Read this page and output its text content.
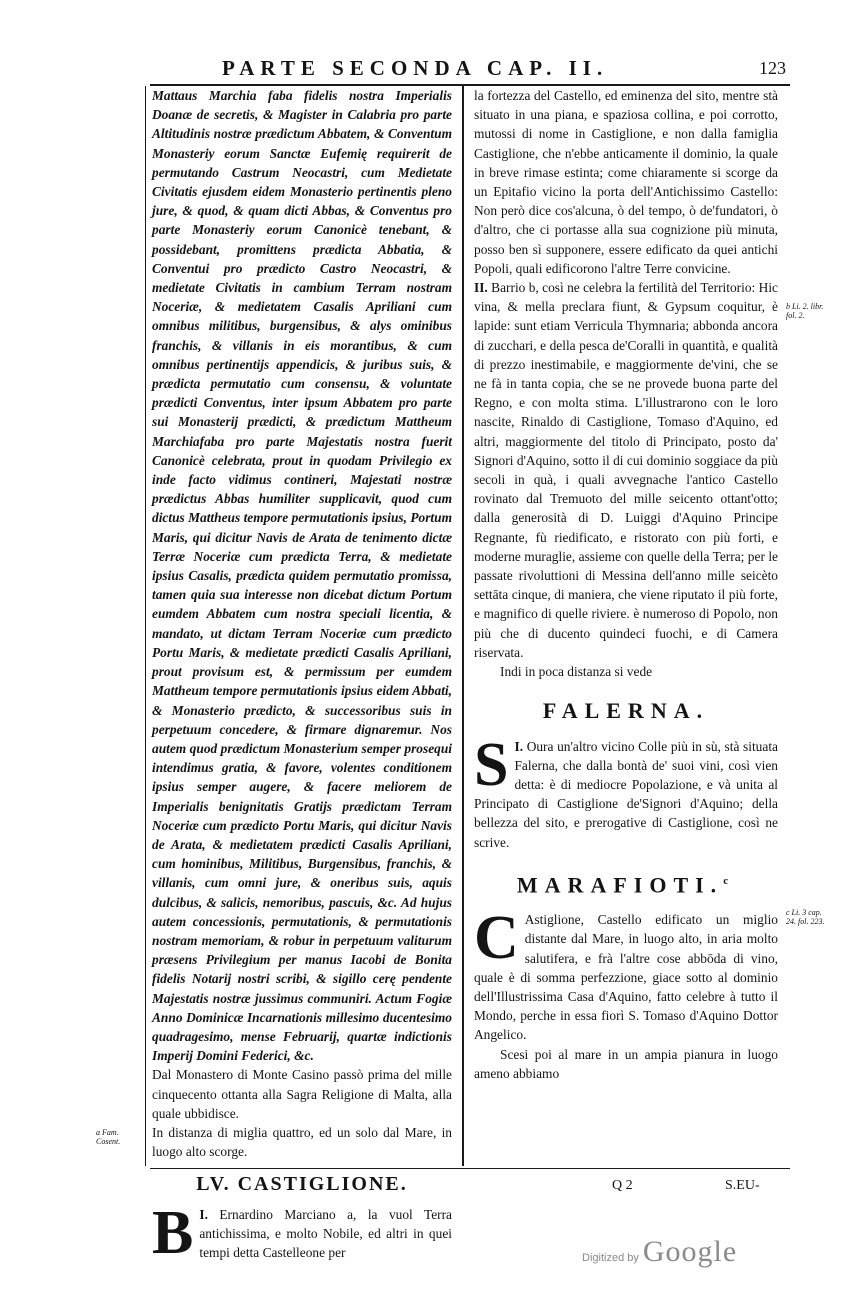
PARTE SECONDA CAP. II.	123

Mattaus Marchia faba fidelis nostra Imperialis Doanæ de secretis, & Magister in Calabria pro parte Altitudinis nostræ prædictum Abbatem, & Conventum Monasteriy eorum Sanctæ Eufemię requirerit de permutando Castrum Neocastri, cum Medietate Civitatis ejusdem eidem Monasterio pertinentis pleno jure, & quod, & quam dicti Abbas, & Conventus pro parte Monasteriy eorum Canonicè tenebant, & possidebant, promittens prædicta Abbatia, & Conventui pro prædicto Castro Neocastri, & medietate Civitatis in cambium Terram nostram Noceriæ, & medietatem Casalis Apriliani cum omnibus militibus, burgensibus, & alys ominibus franchis, & villanis in eis morantibus, & cum omnibus pertinentijs appendicis, & juribus suis, & prædicta permutatio cum consensu, & voluntate prædicti Conventus, inter ipsum Abbatem pro parte sui Monasterij prædicti, & prædictum Mattheum Marchiafaba pro parte Majestatis nostra fuerit Canonicè celebrata, prout in quodam Privilegio ex inde facto vidimus contineri, Majestati nostræ prædictus Abbas humiliter supplicavit, quod cum dictus Mattheus tempore permutationis ipsius, Portum Maris, qui dicitur Navis de Arata de tenimento dictæ Terræ Noceriæ cum prædicta Terra, & medietate ipsius Casalis, prædicta quidem permutatio promissa, tamen quia sua interesse non dicebat dictum Portum eumdem Abbatem cum nostra speciali licentia, & mandato, ut dictam Terram Noceriæ cum prædicto Portu Maris, & medietate prædicti Casalis Apriliani, prout provisum est, & permissum per eumdem Mattheum tempore permutationis ipsius eidem Abbati, & Monasterio prædicto, & successoribus suis in perpetuum concedere, & firmare dignaremur. Nos autem quod prædictum Monasterium semper prosequi intendimus gratia, & favore, volentes conditionem ipsius semper augere, & facere meliorem de Imperialis benignitatis Gratijs prædictam Terram Noceriæ cum prædicto Portu Maris, qui dicitur Navis de Arata, & medietatem prædicti Casalis Apriliani, cum hominibus, Militibus, Burgensibus, franchis, & villanis, cum omni jure, & oneribus suis, aquis dulcibus, & salicis, nemoribus, pascuis, &c. Ad hujus autem concessionis, permutationis, & permutationis nostram memoriam, & robur in perpetuum valiturum præsens Privilegium per manus Iacobi de Bonita fidelis Notarij nostri scribi, & sigillo cerę pendente Majestatis nostræ jussimus communiri. Actum Fogiæ Anno Dominicæ Incarnationis millesimo ducentesimo quadragesimo, mense Februarij, quartæ indictionis Imperij Domini Federici, &c.

Dal Monastero di Monte Casino passò prima del mille cinquecento ottanta alla Sagra Religione di Malta, alla quale ubbidisce.

In distanza di miglia quattro, ed un solo dal Mare, in luogo alto scorge.

LV. CASTIGLIONE.

I.
B Ernardino Marciano a, la vuol Terra antichissima, e molto Nobile, ed altri in quei tempi detta Castelleone per

la fortezza del Castello, ed eminenza del sito, mentre stà situato in una piana, e spaziosa collina, e poi corrotto, mutossi di nome in Castiglione, e non dalla famiglia Castiglione, che n'ebbe anticamente il dominio, la quale in breve rimase estinta; come chiaramente si scorge da un Epitafio vicino la porta dell'Antichissimo Castello: Non però dice cos'alcuna, ò del tempo, ò de'fundatori, ò d'altro, che ci portasse alla sua cognizione più minuta, posso ben sì supponere, essere edificato da quei antichi Popoli, quali edificorono l'altre Terre convicine.

II. Barrio b, così ne celebra la fertilità del Territorio: Hic vina, & mella preclara fiunt, & Gypsum coquitur, è lapide: sunt etiam Verricula Thymnaria; abbonda ancora di zucchari, e della pesca de'Coralli in quantità, e qualità di prezzo inestimabile, e maggiormente de'vini, che se ne fà in tanta copia, che se ne provede buona parte del Regno, e con molta stima. L'illustrarono con le loro nascite, Rinaldo di Castiglione, Tomaso d'Aquino, ed altri, maggiormente del titolo di Principato, posto da' Signori d'Aquino, sotto il di cui dominio soggiace da più secoli in quà, i quali avvegnache l'antico Castello rovinato dal Tremuoto del mille seicento ottant'otto; dalla generosità di D. Luiggi d'Aquino Principe Regnante, fù riedificato, e ristorato con più forti, e moderne muraglie, assieme con quelle della Terra; per le passate rivoluttioni di Messina dell'anno mille seicèto settāta cinque, di maniera, che viene riputato il più forte, e magnifico di quelle riviere. è numeroso di Popolo, non più che di ducento quindeci fuochi, e di Camera riservata.

Indi in poca distanza si vede

FALERNA.

I.
S Oura un'altro vicino Colle più in sù, stà situata Falerna, che dalla bontà de' suoi vini, così vien detta: è di mediocre Popolazione, e và unita al Principato di Castiglione de'Signori d'Aquino; della bellezza del sito, e prerogative di Castiglione, così ne scrive.

MARAFIOTI.$^c$

C Astiglione, Castello edificato un miglio distante dal Mare, in luogo alto, in aria molto salutifera, e frà l'altre cose abbōda di vino, quale è di somma perfezzione, giace sotto al dominio dell'Illustrissima Casa d'Aquino, fatto celebre à tutto il Mondo, perche in essa fiorì S. Tomaso d'Aquino Dottor Angelico.

Scesi poi al mare in un ampia pianura in luogo ameno abbiamo

a Fam. Cosent.
b Li. 2. libr. fol. 2.
c Li. 3 cap. 24. fol. 223.
Q 2	S.EU-
Digitized by Google
